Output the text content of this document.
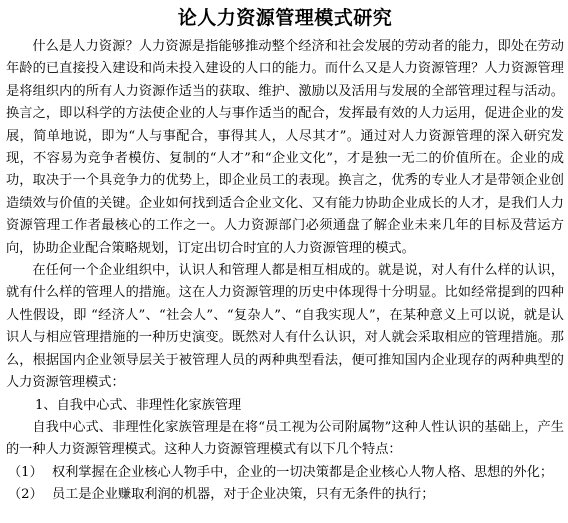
论人力资源管理模式研究

什么是人力资源？人力资源是指能够推动整个经济和社会发展的劳动者的能力，即处在劳动年龄的已直接投入建设和尚未投入建设的人口的能力。而什么又是人力资源管理？人力资源管理是将组织内的所有人力资源作适当的获取、维护、激励以及活用与发展的全部管理过程与活动。换言之，即以科学的方法使企业的人与事作适当的配合，发挥最有效的人力运用，促进企业的发展，简单地说，即为“人与事配合，事得其人，人尽其才”。通过对人力资源管理的深入研究发现，不容易为竞争者模仿、复制的“人才”和“企业文化”，才是独一无二的价值所在。企业的成功，取决于一个具竞争力的优势上，即企业员工的表现。换言之，优秀的专业人才是带领企业创造绩效与价值的关键。企业如何找到适合企业文化、又有能力协助企业成长的人才，是我们人力资源管理工作者最核心的工作之一。人力资源部门必须通盘了解企业未来几年的目标及营运方向，协助企业配合策略规划，订定出切合时宜的人力资源管理的模式。

在任何一个企业组织中，认识人和管理人都是相互相成的。就是说，对人有什么样的认识，就有什么样的管理人的措施。这在人力资源管理的历史中体现得十分明显。比如经常提到的四种人性假设，即 “经济人”、“社会人”、“复杂人”、“自我实现人”，在某种意义上可以说，就是认识人与相应管理措施的一种历史演变。既然对人有什么认识，对人就会采取相应的管理措施。那么，根据国内企业领导层关于被管理人员的两种典型看法，便可推知国内企业现存的两种典型的人力资源管理模式：

1、自我中心式、非理性化家族管理

自我中心式、非理性化家族管理是在将“员工视为公司附属物”这种人性认识的基础上，产生的一种人力资源管理模式。这种人力资源管理模式有以下几个特点：

（1） 权利掌握在企业核心人物手中，企业的一切决策都是企业核心人物人格、思想的外化；
（2） 员工是企业赚取利润的机器，对于企业决策，只有无条件的执行；
